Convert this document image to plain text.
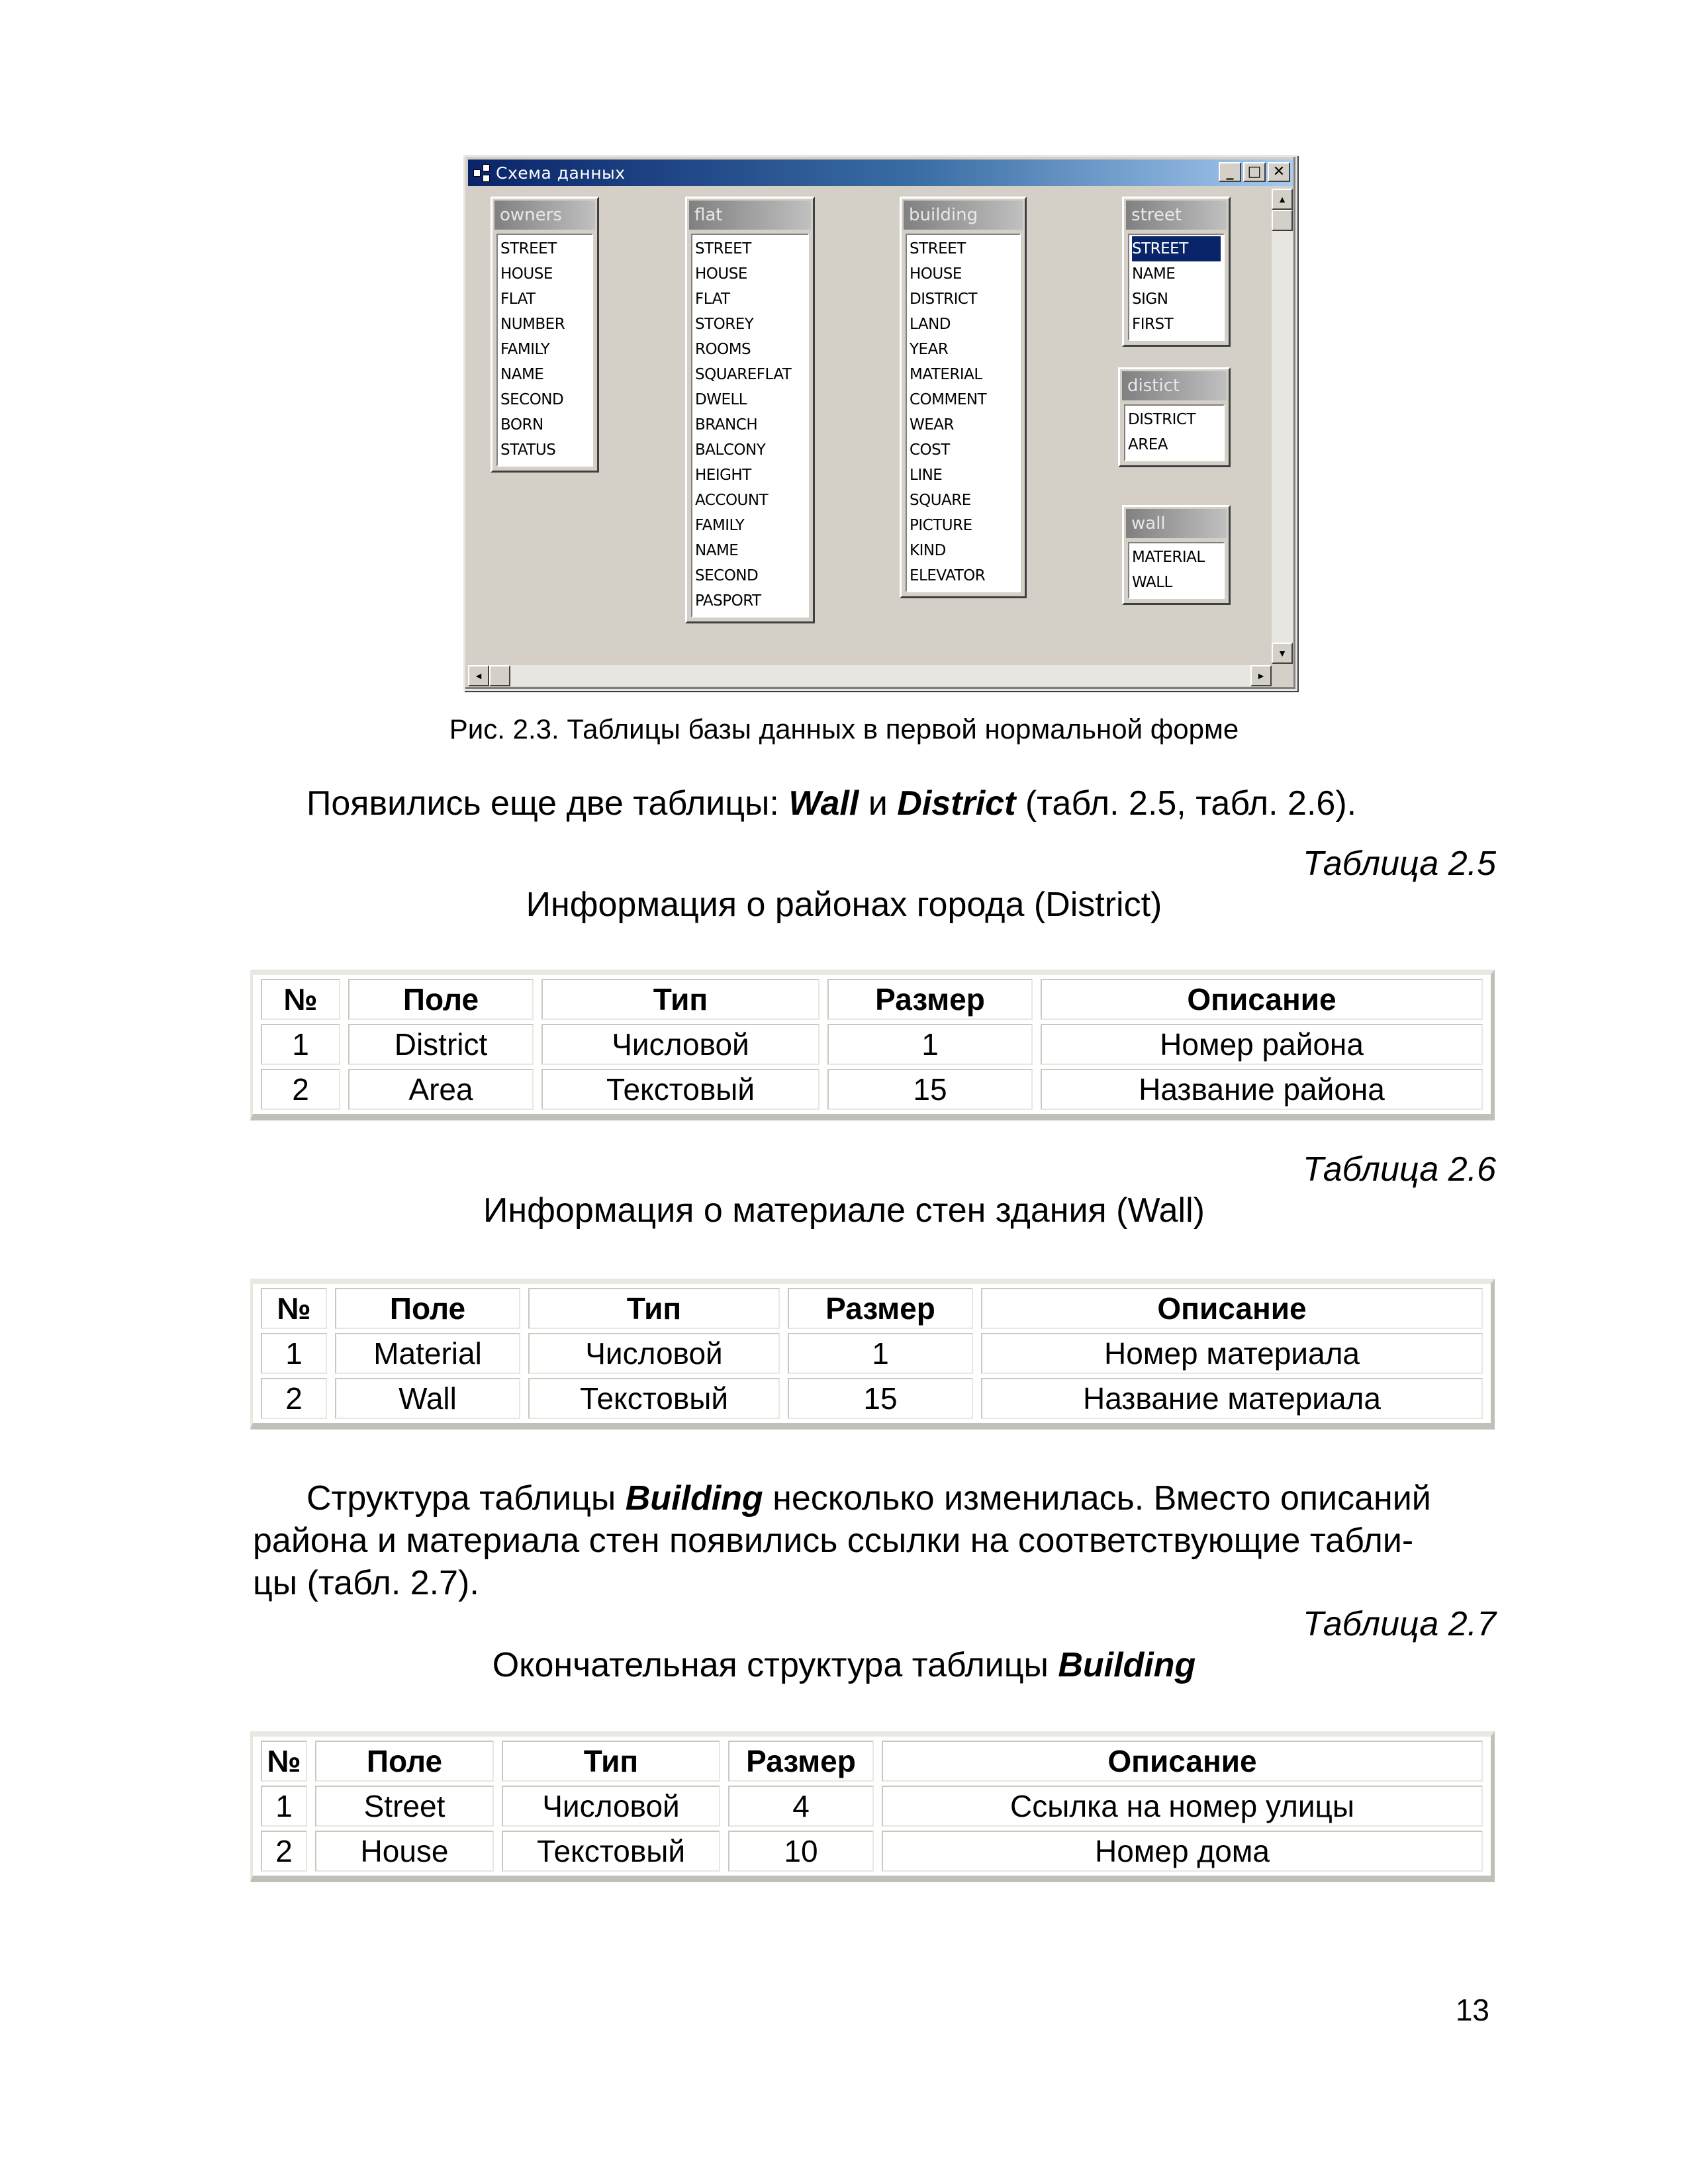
Схема данных	_ □ ✕
owners
STREET
HOUSE
FLAT
NUMBER
FAMILY
NAME
SECOND
BORN
STATUS
flat
STREET
HOUSE
FLAT
STOREY
ROOMS
SQUAREFLAT
DWELL
BRANCH
BALCONY
HEIGHT
ACCOUNT
FAMILY
NAME
SECOND
PASPORT
building
STREET
HOUSE
DISTRICT
LAND
YEAR
MATERIAL
COMMENT
WEAR
COST
LINE
SQUARE
PICTURE
KIND
ELEVATOR
street
STREET
NAME
SIGN
FIRST
distict
DISTRICT
AREA
wall
MATERIAL
WALL
▲
▼
◄	►
Рис. 2.3. Таблицы базы данных в первой нормальной форме
Появились еще две таблицы: Wall и District (табл. 2.5, табл. 2.6).
Таблица 2.5
Информация о районах города (District)
№	Поле	Тип	Размер	Описание
1	District	Числовой	1	Номер района
2	Area	Текстовый	15	Название района
Таблица 2.6
Информация о материале стен здания (Wall)
№	Поле	Тип	Размер	Описание
1	Material	Числовой	1	Номер материала
2	Wall	Текстовый	15	Название материала
Структура таблицы Building несколько изменилась. Вместо описаний
района и материала стен появились ссылки на соответствующие табли-
цы (табл. 2.7).
Таблица 2.7
Окончательная структура таблицы Building
№	Поле	Тип	Размер	Описание
1	Street	Числовой	4	Ссылка на номер улицы
2	House	Текстовый	10	Номер дома
13
